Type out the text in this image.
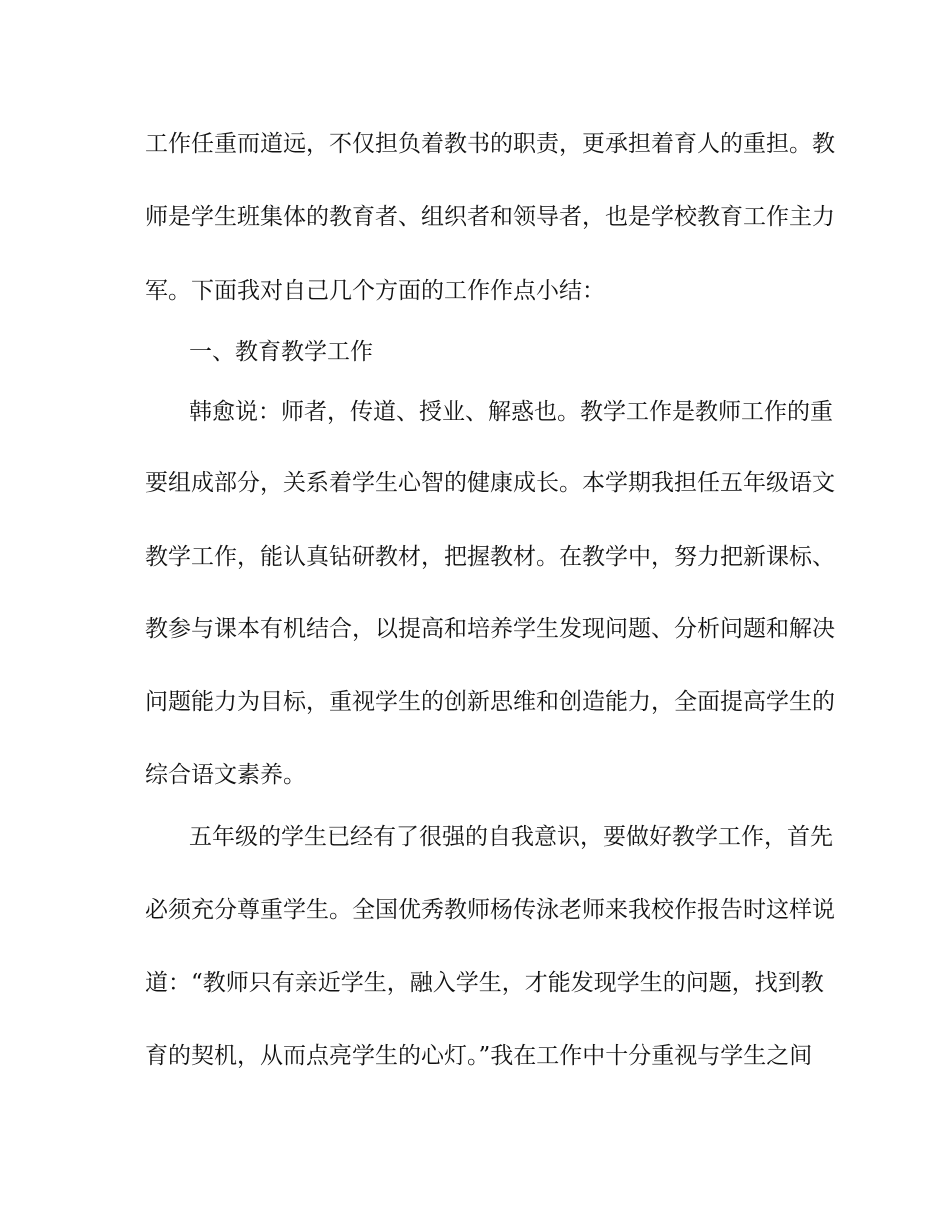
工作任重而道远，不仅担负着教书的职责，更承担着育人的重担。教
师是学生班集体的教育者、组织者和领导者，也是学校教育工作主力
军。下面我对自己几个方面的工作作点小结：
一、教育教学工作
韩愈说：师者，传道、授业、解惑也。教学工作是教师工作的重
要组成部分，关系着学生心智的健康成长。本学期我担任五年级语文
教学工作，能认真钻研教材，把握教材。在教学中，努力把新课标、
教参与课本有机结合，以提高和培养学生发现问题、分析问题和解决
问题能力为目标，重视学生的创新思维和创造能力，全面提高学生的
综合语文素养。
五年级的学生已经有了很强的自我意识，要做好教学工作，首先
必须充分尊重学生。全国优秀教师杨传泳老师来我校作报告时这样说
道：“教师只有亲近学生，融入学生，才能发现学生的问题，找到教
育的契机，从而点亮学生的心灯。”我在工作中十分重视与学生之间
